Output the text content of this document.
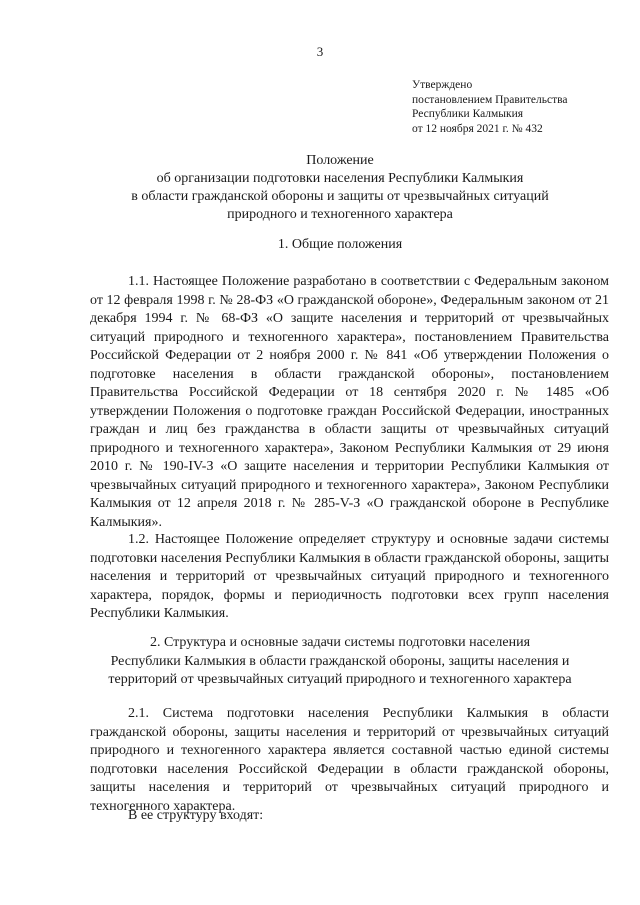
3
Утверждено
постановлением Правительства
Республики Калмыкия
от 12 ноября 2021 г. № 432
Положение
об организации подготовки населения Республики Калмыкия
в области гражданской обороны и защиты от чрезвычайных ситуаций
природного и техногенного характера
1. Общие положения
1.1. Настоящее Положение разработано в соответствии с Федеральным законом от 12 февраля 1998 г. № 28-ФЗ «О гражданской обороне», Федеральным законом от 21 декабря 1994 г. № 68-ФЗ «О защите населения и территорий от чрезвычайных ситуаций природного и техногенного характера», постановлением Правительства Российской Федерации от 2 ноября 2000 г. № 841 «Об утверждении Положения о подготовке населения в области гражданской обороны», постановлением Правительства Российской Федерации от 18 сентября 2020 г. № 1485 «Об утверждении Положения о подготовке граждан Российской Федерации, иностранных граждан и лиц без гражданства в области защиты от чрезвычайных ситуаций природного и техногенного характера», Законом Республики Калмыкия от 29 июня 2010 г. № 190-IV-З «О защите населения и территории Республики Калмыкия от чрезвычайных ситуаций природного и техногенного характера», Законом Республики Калмыкия от 12 апреля 2018 г. № 285-V-З «О гражданской обороне в Республике Калмыкия».
1.2. Настоящее Положение определяет структуру и основные задачи системы подготовки населения Республики Калмыкия в области гражданской обороны, защиты населения и территорий от чрезвычайных ситуаций природного и техногенного характера, порядок, формы и периодичность подготовки всех групп населения Республики Калмыкия.
2. Структура и основные задачи системы подготовки населения
Республики Калмыкия в области гражданской обороны, защиты населения и
территорий от чрезвычайных ситуаций природного и техногенного характера
2.1. Система подготовки населения Республики Калмыкия в области гражданской обороны, защиты населения и территорий от чрезвычайных ситуаций природного и техногенного характера является составной частью единой системы подготовки населения Российской Федерации в области гражданской обороны, защиты населения и территорий от чрезвычайных ситуаций природного и техногенного характера.
В ее структуру входят:
